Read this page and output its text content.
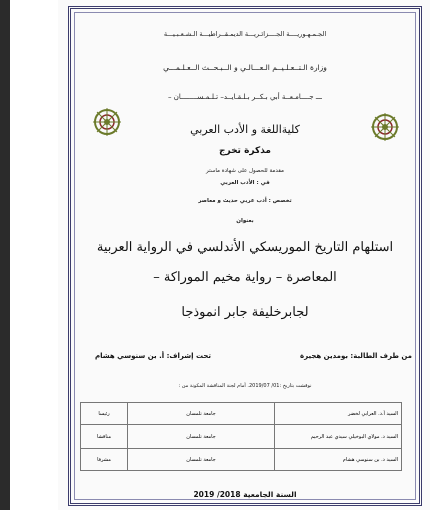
الجـمـهـوريــــة الجــــزائـريـــة الديمـقــراطيـــة الـشـعـبـيـــة
وزارة الـتــعـلـيــم الـعـــالـي و الــبـحــث الــعـلـمـــي
ـــ جــــامـعــة أبي بـكــر بـلـقـايــد– تـلـمـســــــــان –
كليةاللغة و الأدب العربي
مذكرة تخرج
مقدمة للحصول على شهادة ماستر
في : الأدب العربي
تخصص : أدب عربي حديث و معاصر
بعنوان
استلهام التاريخ الموريسكي الأندلسي في الرواية العربية
المعاصرة – رواية مخيم الموراكة –
لجابرخليفة جابر انموذجا
من طرف الطالبة: بومدين هجيرة
تحت إشراف: أ. بن سنوسي هشام
نوقشت بتاريخ :01/ 2019/07. أمام لجنة المناقشة المكونة من :
السيد أ.د. العرابي لخضر	جامعة تلمسان	رئيسا
السيد د. مولاي البوخيلي سيدي عبد الرحيم	جامعة تلمسان	مناقشا
السيد د. بن سنوسي هشام	جامعة تلمسان	مشرفا
السنة الجامعية 2018/ 2019
